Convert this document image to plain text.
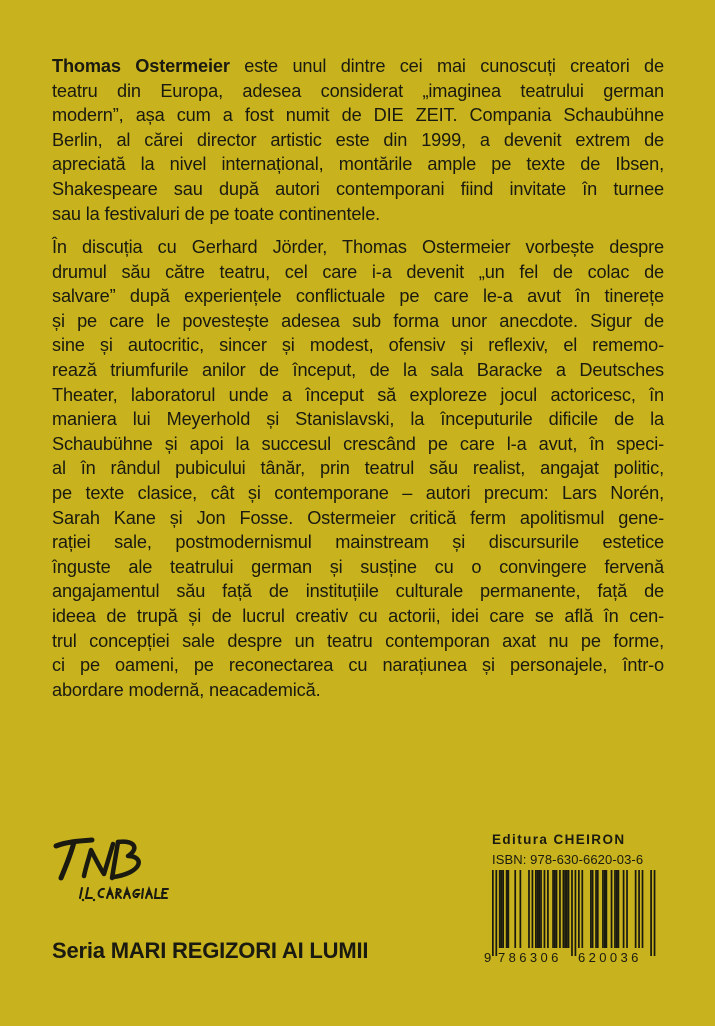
Thomas Ostermeier este unul dintre cei mai cunoscuți creatori de
teatru din Europa, adesea considerat „imaginea teatrului german
modern”, așa cum a fost numit de DIE ZEIT. Compania Schaubühne
Berlin, al cărei director artistic este din 1999, a devenit extrem de
apreciată la nivel internațional, montările ample pe texte de Ibsen,
Shakespeare sau după autori contemporani fiind invitate în turnee
sau la festivaluri de pe toate continentele.
În discuția cu Gerhard Jörder, Thomas Ostermeier vorbește despre
drumul său către teatru, cel care i-a devenit „un fel de colac de
salvare” după experiențele conflictuale pe care le-a avut în tinerețe
și pe care le povestește adesea sub forma unor anecdote. Sigur de
sine și autocritic, sincer și modest, ofensiv și reflexiv, el rememo-
rează triumfurile anilor de început, de la sala Baracke a Deutsches
Theater, laboratorul unde a început să exploreze jocul actoricesc, în
maniera lui Meyerhold și Stanislavski, la începuturile dificile de la
Schaubühne și apoi la succesul crescând pe care l-a avut, în speci-
al în rândul pubicului tânăr, prin teatrul său realist, angajat politic,
pe texte clasice, cât și contemporane – autori precum: Lars Norén,
Sarah Kane și Jon Fosse. Ostermeier critică ferm apolitismul gene-
rației sale, postmodernismul mainstream și discursurile estetice
înguste ale teatrului german și susține cu o convingere fervenă
angajamentul său față de instituțiile culturale permanente, față de
ideea de trupă și de lucrul creativ cu actorii, idei care se află în cen-
trul concepției sale despre un teatru contemporan axat nu pe forme,
ci pe oameni, pe reconectarea cu narațiunea și personajele, într-o
abordare modernă, neacademică.
Seria MARI REGIZORI AI LUMII
Editura CHEIRON
ISBN: 978-630-6620-03-6
9 786306 620036
